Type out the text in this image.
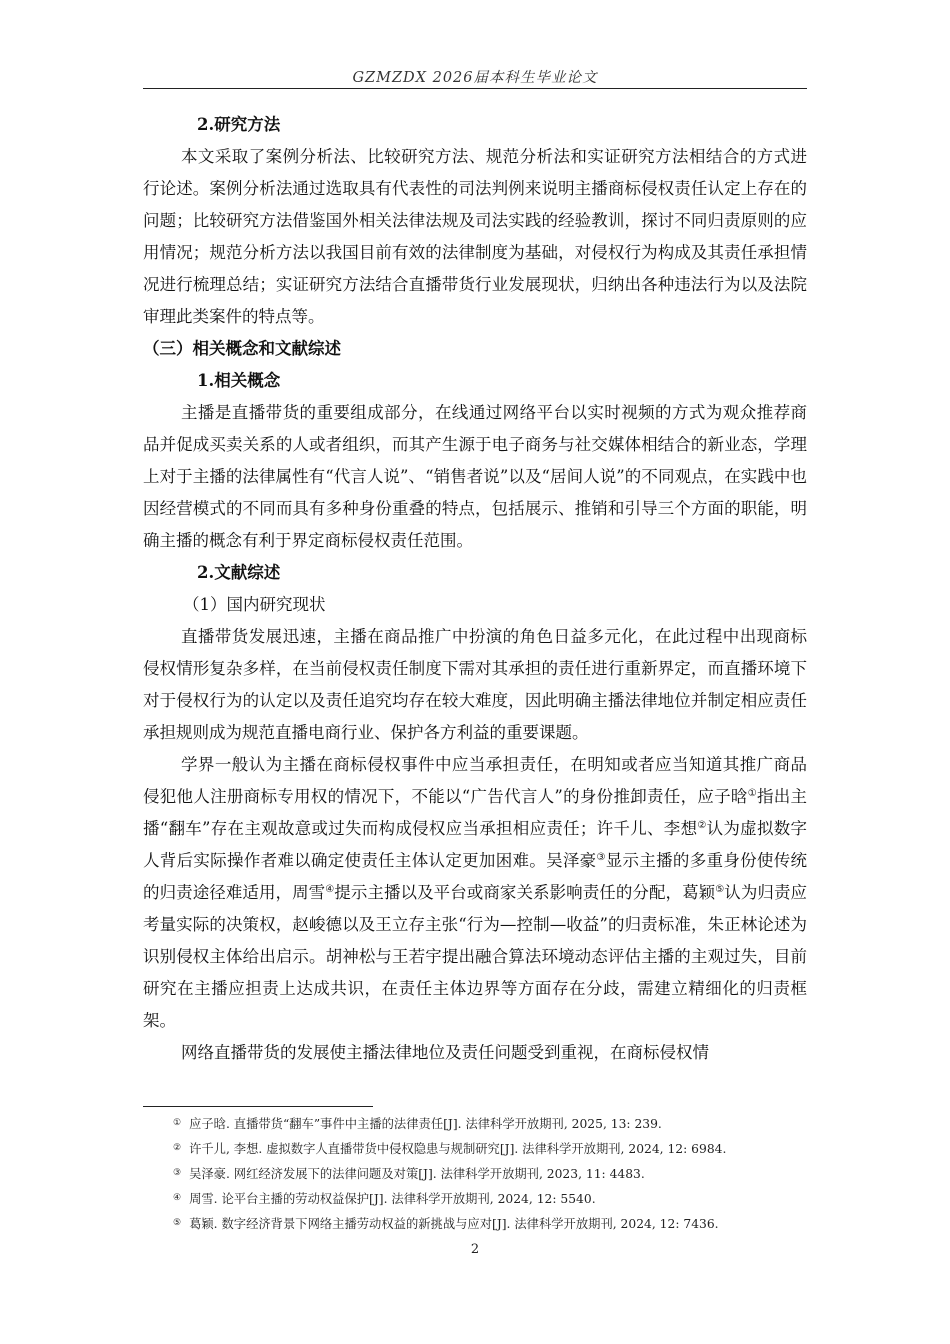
GZMZDX 2026届本科生毕业论文
2.研究方法

本文采取了案例分析法、比较研究方法、规范分析法和实证研究方法相结合的方式进行论述。案例分析法通过选取具有代表性的司法判例来说明主播商标侵权责任认定上存在的问题；比较研究方法借鉴国外相关法律法规及司法实践的经验教训，探讨不同归责原则的应用情况；规范分析方法以我国目前有效的法律制度为基础，对侵权行为构成及其责任承担情况进行梳理总结；实证研究方法结合直播带货行业发展现状，归纳出各种违法行为以及法院审理此类案件的特点等。

（三）相关概念和文献综述
1.相关概念

主播是直播带货的重要组成部分，在线通过网络平台以实时视频的方式为观众推荐商品并促成买卖关系的人或者组织，而其产生源于电子商务与社交媒体相结合的新业态，学理上对于主播的法律属性有“代言人说”、“销售者说”以及“居间人说”的不同观点，在实践中也因经营模式的不同而具有多种身份重叠的特点，包括展示、推销和引导三个方面的职能，明确主播的概念有利于界定商标侵权责任范围。

2.文献综述
（1）国内研究现状

直播带货发展迅速，主播在商品推广中扮演的角色日益多元化，在此过程中出现商标侵权情形复杂多样，在当前侵权责任制度下需对其承担的责任进行重新界定，而直播环境下对于侵权行为的认定以及责任追究均存在较大难度，因此明确主播法律地位并制定相应责任承担规则成为规范直播电商行业、保护各方利益的重要课题。

学界一般认为主播在商标侵权事件中应当承担责任，在明知或者应当知道其推广商品侵犯他人注册商标专用权的情况下，不能以“广告代言人”的身份推卸责任，应子晗①指出主播“翻车”存在主观故意或过失而构成侵权应当承担相应责任；许千儿、李想②认为虚拟数字人背后实际操作者难以确定使责任主体认定更加困难。吴泽豪③显示主播的多重身份使传统的归责途径难适用，周雪④提示主播以及平台或商家关系影响责任的分配，葛颖⑤认为归责应考量实际的决策权，赵峻德以及王立存主张“行为—控制—收益”的归责标准，朱正林论述为识别侵权主体给出启示。胡神松与王若宇提出融合算法环境动态评估主播的主观过失，目前研究在主播应担责上达成共识，在责任主体边界等方面存在分歧，需建立精细化的归责框架。

网络直播带货的发展使主播法律地位及责任问题受到重视，在商标侵权情

① 应子晗. 直播带货“翻车”事件中主播的法律责任[J]. 法律科学开放期刊, 2025, 13: 239.
② 许千儿, 李想. 虚拟数字人直播带货中侵权隐患与规制研究[J]. 法律科学开放期刊, 2024, 12: 6984.
③ 吴泽豪. 网红经济发展下的法律问题及对策[J]. 法律科学开放期刊, 2023, 11: 4483.
④ 周雪. 论平台主播的劳动权益保护[J]. 法律科学开放期刊, 2024, 12: 5540.
⑤ 葛颖. 数字经济背景下网络主播劳动权益的新挑战与应对[J]. 法律科学开放期刊, 2024, 12: 7436.
2
